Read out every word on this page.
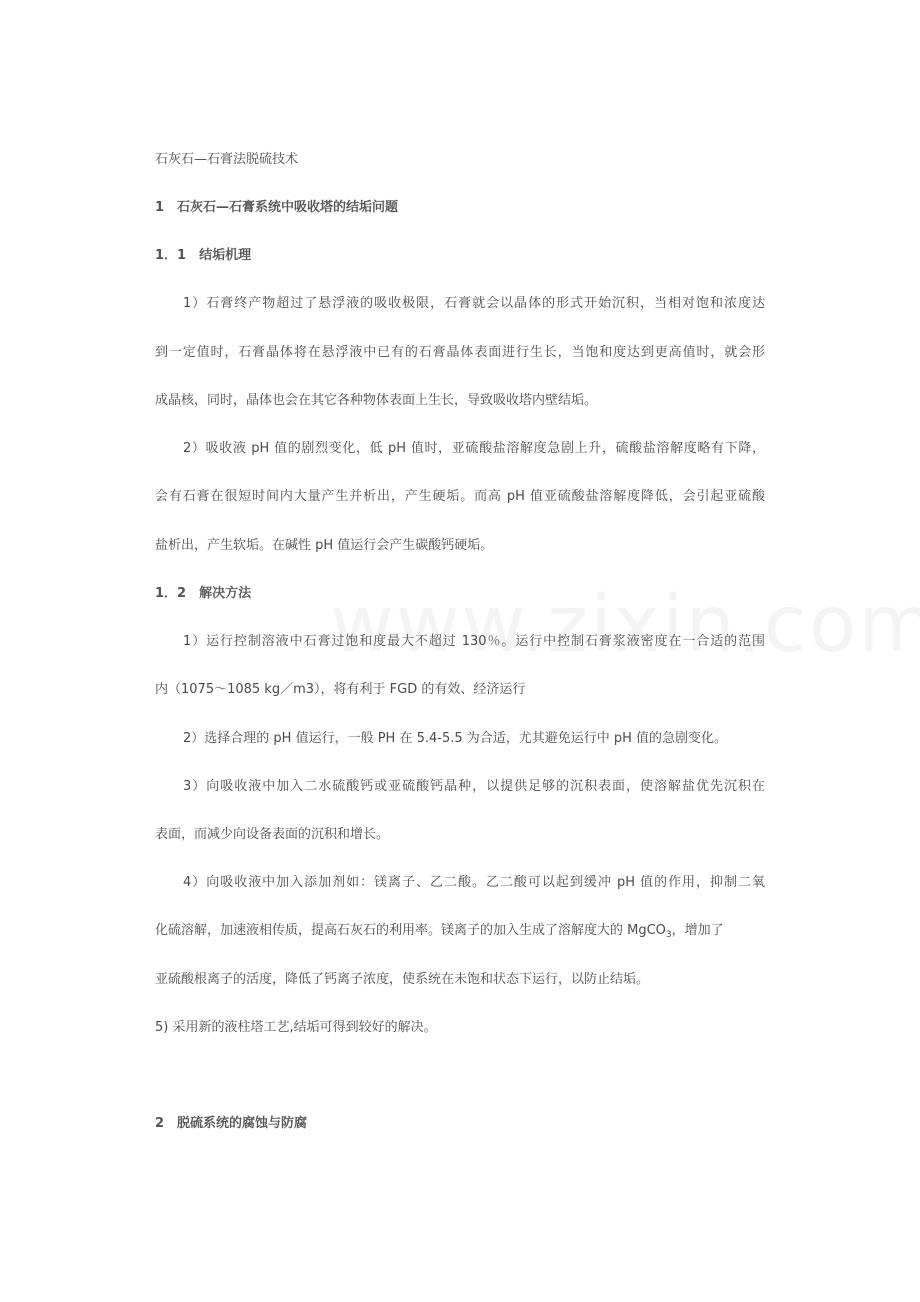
石灰石—石膏法脱硫技术
1　石灰石—石膏系统中吸收塔的结垢问题
1．1　结垢机理
1）石膏终产物超过了悬浮液的吸收极限，石膏就会以晶体的形式开始沉积，当相对饱和浓度达
到一定值时，石膏晶体将在悬浮液中已有的石膏晶体表面进行生长，当饱和度达到更高值时，就会形
成晶核，同时，晶体也会在其它各种物体表面上生长，导致吸收塔内壁结垢。
2）吸收液 pH 值的剧烈变化，低 pH 值时，亚硫酸盐溶解度急剧上升，硫酸盐溶解度略有下降，
会有石膏在很短时间内大量产生并析出，产生硬垢。而高 pH 值亚硫酸盐溶解度降低，会引起亚硫酸
盐析出，产生软垢。在碱性 pH 值运行会产生碳酸钙硬垢。
1．2　解决方法
1）运行控制溶液中石膏过饱和度最大不超过 130％。运行中控制石膏浆液密度在一合适的范围
内（1075～1085 kg／m3），将有利于 FGD 的有效、经济运行
2）选择合理的 pH 值运行，一般 PH 在 5.4-5.5 为合适，尤其避免运行中 pH 值的急剧变化。
3）向吸收液中加入二水硫酸钙或亚硫酸钙晶种，以提供足够的沉积表面，使溶解盐优先沉积在
表面，而减少向设备表面的沉积和增长。
4）向吸收液中加入添加剂如：镁离子、乙二酸。乙二酸可以起到缓冲 pH 值的作用，抑制二氧
化硫溶解，加速液相传质，提高石灰石的利用率。镁离子的加入生成了溶解度大的 MgCO$_3$，增加了
亚硫酸根离子的活度，降低了钙离子浓度，使系统在未饱和状态下运行，以防止结垢。
5) 采用新的液柱塔工艺,结垢可得到较好的解决。
2　脱硫系统的腐蚀与防腐
